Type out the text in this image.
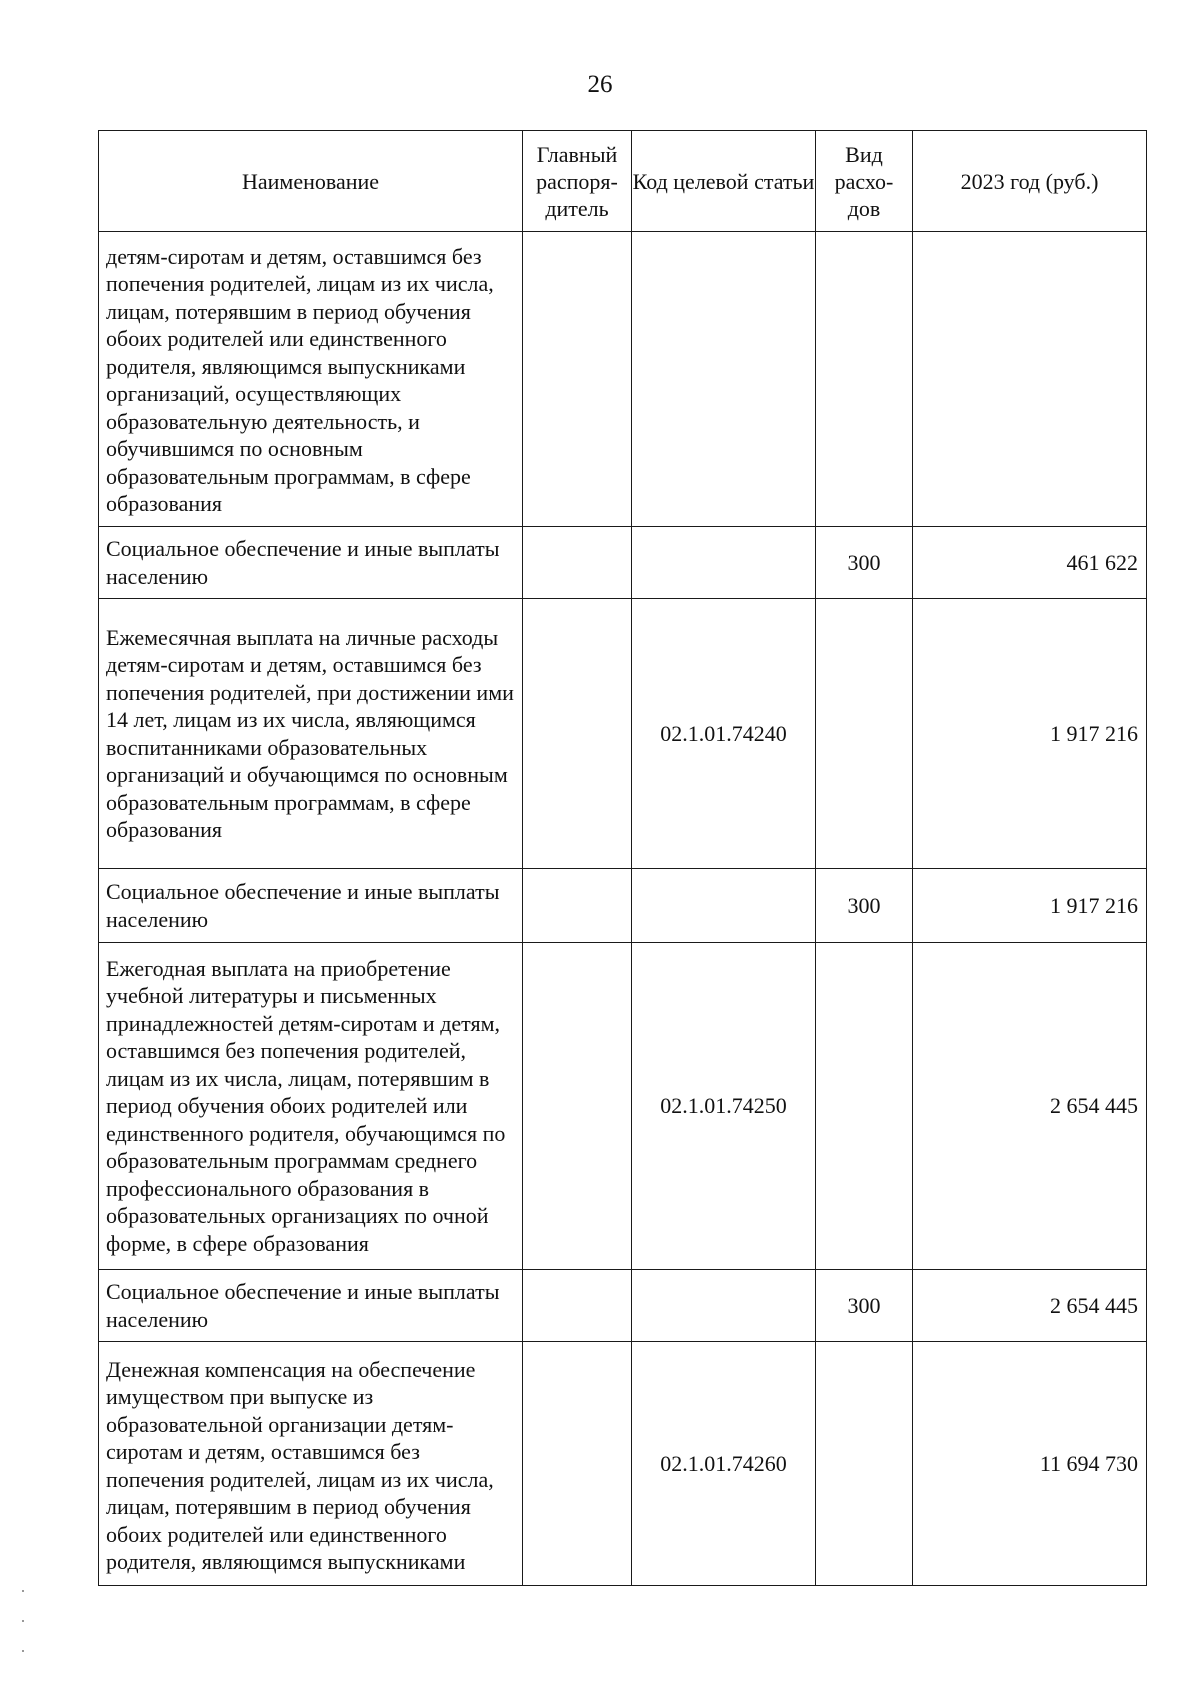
26
Наименование	Главный распоря- дитель	Код целевой статьи	Вид расхо- дов	2023 год (руб.)
детям-сиротам и детям, оставшимся без попечения родителей, лицам из их числа, лицам, потерявшим в период обучения обоих родителей или единственного родителя, являющимся выпускниками организаций, осуществляющих образовательную деятельность, и обучившимся по основным образовательным программам, в сфере образования				
Социальное обеспечение и иные выплаты населению			300	461 622
Ежемесячная выплата на личные расходы детям-сиротам и детям, оставшимся без попечения родителей, при достижении ими 14 лет, лицам из их числа, являющимся воспитанниками образовательных организаций и обучающимся по основным образовательным программам, в сфере образования		02.1.01.74240		1 917 216
Социальное обеспечение и иные выплаты населению			300	1 917 216
Ежегодная выплата на приобретение учебной литературы и письменных принадлежностей детям-сиротам и детям, оставшимся без попечения родителей, лицам из их числа, лицам, потерявшим в период обучения обоих родителей или единственного родителя, обучающимся по образовательным программам среднего профессионального образования в образовательных организациях по очной форме, в сфере образования		02.1.01.74250		2 654 445
Социальное обеспечение и иные выплаты населению			300	2 654 445
Денежная компенсация на обеспечение имуществом при выпуске из образовательной организации детям-сиротам и детям, оставшимся без попечения родителей, лицам из их числа, лицам, потерявшим в период обучения обоих родителей или единственного родителя, являющимся выпускниками		02.1.01.74260		11 694 730
